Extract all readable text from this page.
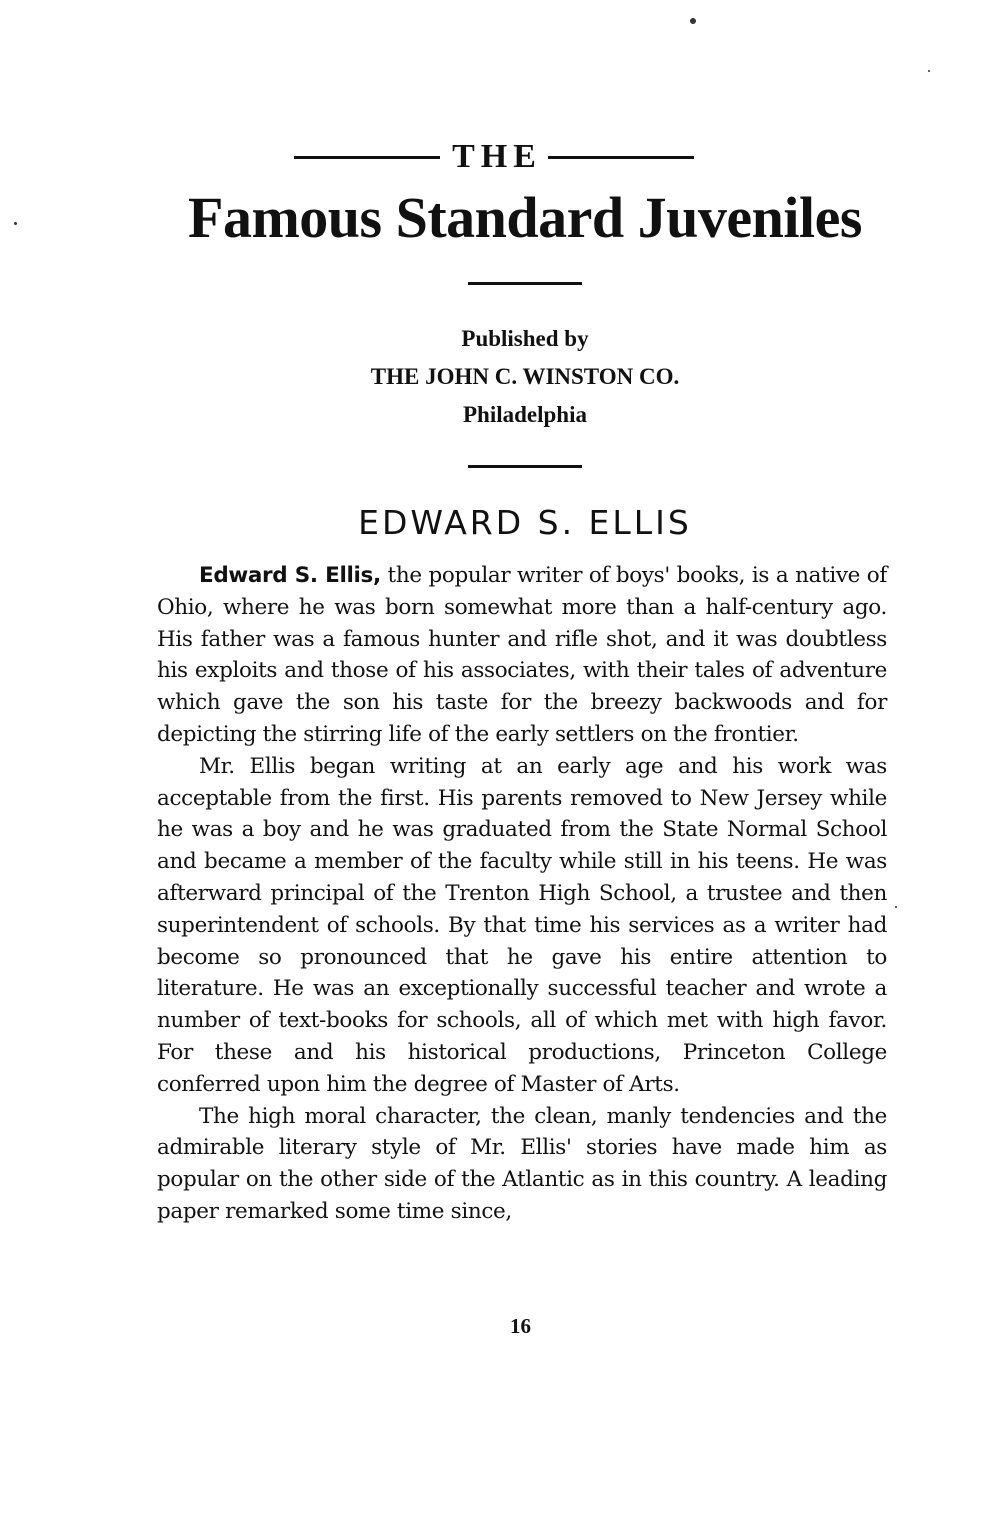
THE
Famous Standard Juveniles
Published by
THE JOHN C. WINSTON CO.
Philadelphia
EDWARD S. ELLIS

Edward S. Ellis, the popular writer of boys' books, is a native of Ohio, where he was born somewhat more than a half-century ago. His father was a famous hunter and rifle shot, and it was doubtless his exploits and those of his associates, with their tales of adventure which gave the son his taste for the breezy backwoods and for depicting the stirring life of the early settlers on the frontier.

Mr. Ellis began writing at an early age and his work was acceptable from the first. His parents removed to New Jersey while he was a boy and he was graduated from the State Normal School and became a member of the faculty while still in his teens. He was afterward principal of the Trenton High School, a trustee and then superintendent of schools. By that time his services as a writer had become so pronounced that he gave his entire attention to literature. He was an exceptionally successful teacher and wrote a number of text-books for schools, all of which met with high favor. For these and his historical productions, Princeton College conferred upon him the degree of Master of Arts.

The high moral character, the clean, manly tendencies and the admirable literary style of Mr. Ellis' stories have made him as popular on the other side of the Atlantic as in this country. A leading paper remarked some time since,

16
